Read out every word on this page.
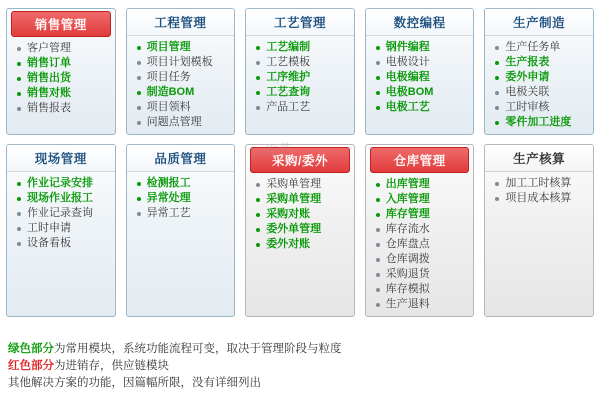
云软件
销售管理
客户管理
销售订单
销售出货
销售对账
销售报表
工程管理
项目管理
项目计划模板
项目任务
制造BOM
项目领料
问题点管理
工艺管理
工艺编制
工艺模板
工序维护
工艺查询
产品工艺
数控编程
钢件编程
电极设计
电极编程
电极BOM
电极工艺
生产制造
生产任务单
生产报表
委外申请
电极关联
工时审核
零件加工进度
现场管理
作业记录安排
现场作业报工
作业记录查询
工时申请
设备看板
品质管理
检测报工
异常处理
异常工艺
采购/委外
采购单管理
采购单管理
采购对账
委外单管理
委外对账
仓库管理
出库管理
入库管理
库存管理
库存流水
仓库盘点
仓库调拨
采购退货
库存模拟
生产退料
生产核算
加工工时核算
项目成本核算
绿色部分为常用模块，系统功能流程可变，取决于管理阶段与粒度
红色部分为进销存，供应链模块
其他解决方案的功能，因篇幅所限，没有详细列出
